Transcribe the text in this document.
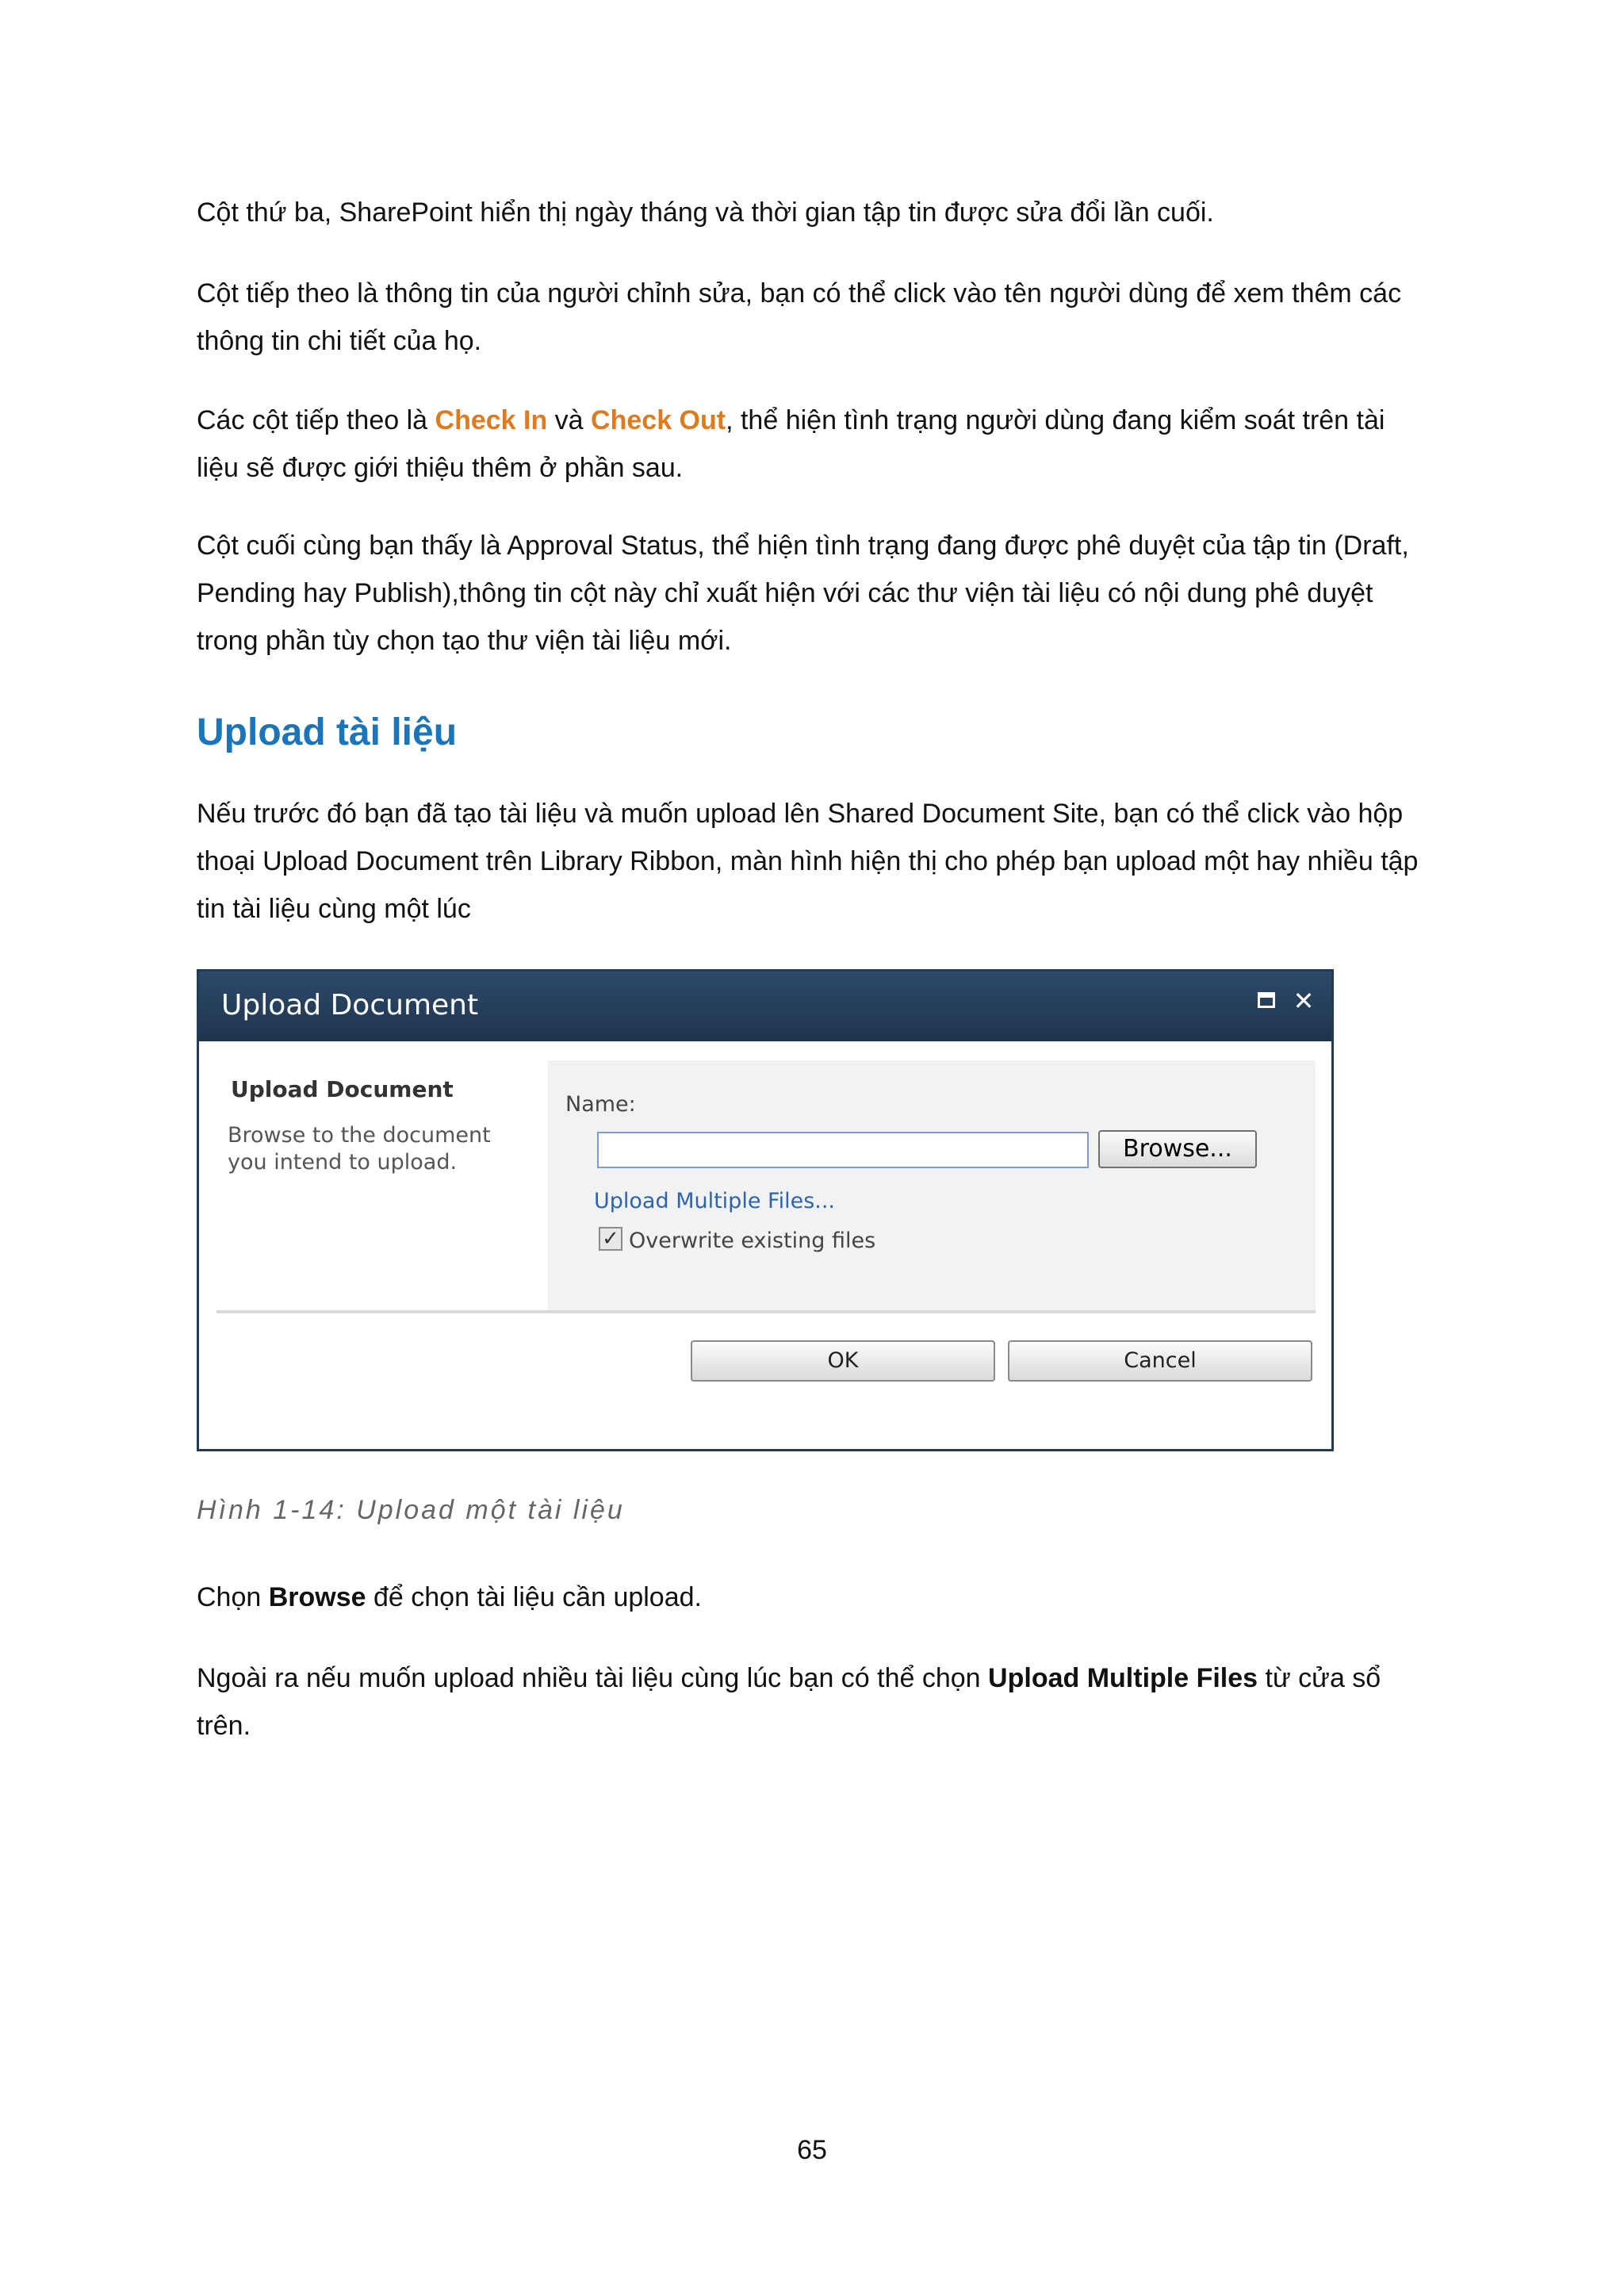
Cột thứ ba, SharePoint hiển thị ngày tháng và thời gian tập tin được sửa đổi lần cuối.

Cột tiếp theo là thông tin của người chỉnh sửa, bạn có thể click vào tên người dùng để xem thêm các thông tin chi tiết của họ.

Các cột tiếp theo là Check In và Check Out, thể hiện tình trạng người dùng đang kiểm soát trên tài liệu sẽ được giới thiệu thêm ở phần sau.

Cột cuối cùng bạn thấy là Approval Status, thể hiện tình trạng đang được phê duyệt của tập tin (Draft, Pending hay Publish),thông tin cột này chỉ xuất hiện với các thư viện tài liệu có nội dung phê duyệt trong phần tùy chọn tạo thư viện tài liệu mới.

Upload tài liệu

Nếu trước đó bạn đã tạo tài liệu và muốn upload lên Shared Document Site, bạn có thể click vào hộp thoại Upload Document trên Library Ribbon, màn hình hiện thị cho phép bạn upload một hay nhiều tập tin tài liệu cùng một lúc

Upload Document	✕
Upload Document
Browse to the document you intend to upload.
Name:
Browse...
Upload Multiple Files...
✓ Overwrite existing files
OK	Cancel

Hình 1-14: Upload một tài liệu

Chọn Browse để chọn tài liệu cần upload.

Ngoài ra nếu muốn upload nhiều tài liệu cùng lúc bạn có thể chọn Upload Multiple Files từ cửa sổ trên.

65
